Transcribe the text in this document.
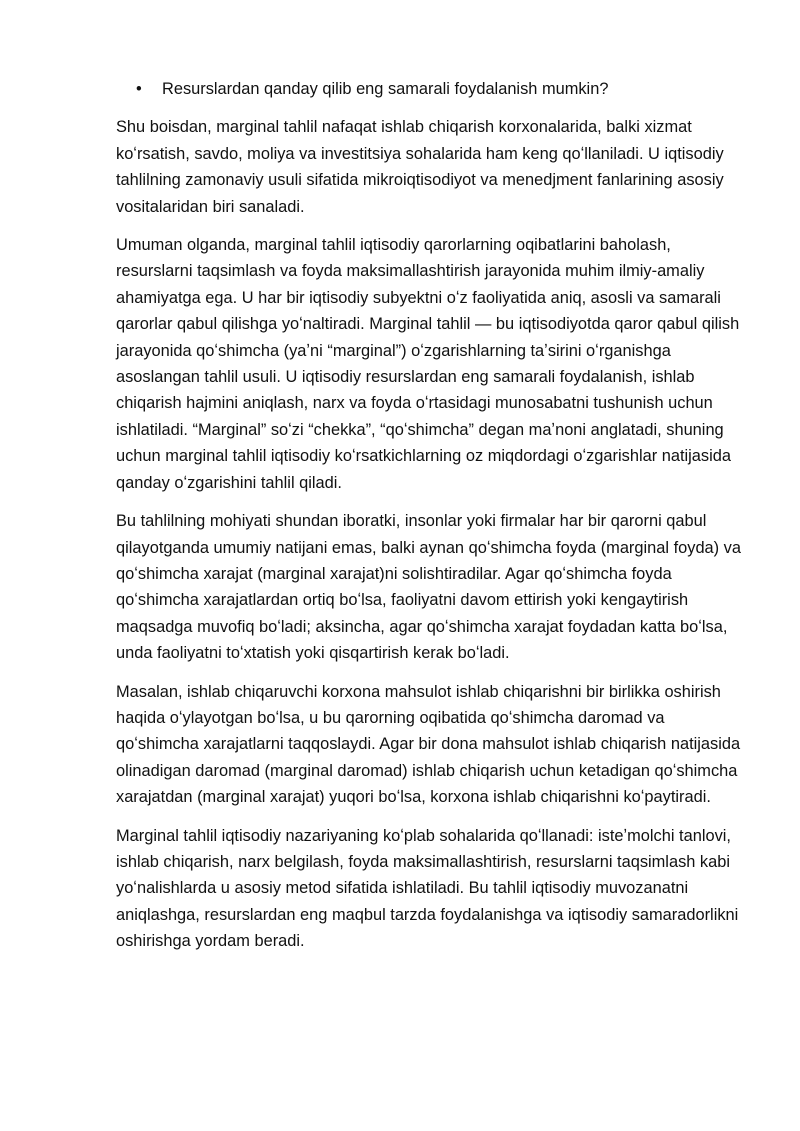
• Resurslardan qanday qilib eng samarali foydalanish mumkin?

Shu boisdan, marginal tahlil nafaqat ishlab chiqarish korxonalarida, balki xizmat koʻrsatish, savdo, moliya va investitsiya sohalarida ham keng qoʻllaniladi. U iqtisodiy tahlilning zamonaviy usuli sifatida mikroiqtisodiyot va menedjment fanlarining asosiy vositalaridan biri sanaladi.

Umuman olganda, marginal tahlil iqtisodiy qarorlarning oqibatlarini baholash, resurslarni taqsimlash va foyda maksimallashtirish jarayonida muhim ilmiy-amaliy ahamiyatga ega. U har bir iqtisodiy subyektni oʻz faoliyatida aniq, asosli va samarali qarorlar qabul qilishga yoʻnaltiradi. Marginal tahlil — bu iqtisodiyotda qaror qabul qilish jarayonida qoʻshimcha (yaʼni “marginal”) oʻzgarishlarning taʼsirini oʻrganishga asoslangan tahlil usuli. U iqtisodiy resurslardan eng samarali foydalanish, ishlab chiqarish hajmini aniqlash, narx va foyda oʻrtasidagi munosabatni tushunish uchun ishlatiladi. “Marginal” soʻzi “chekka”, “qoʻshimcha” degan maʼnoni anglatadi, shuning uchun marginal tahlil iqtisodiy koʻrsatkichlarning oz miqdordagi oʻzgarishlar natijasida qanday oʻzgarishini tahlil qiladi.

Bu tahlilning mohiyati shundan iboratki, insonlar yoki firmalar har bir qarorni qabul qilayotganda umumiy natijani emas, balki aynan qoʻshimcha foyda (marginal foyda) va qoʻshimcha xarajat (marginal xarajat)ni solishtiradilar. Agar qoʻshimcha foyda qoʻshimcha xarajatlardan ortiq boʻlsa, faoliyatni davom ettirish yoki kengaytirish maqsadga muvofiq boʻladi; aksincha, agar qoʻshimcha xarajat foydadan katta boʻlsa, unda faoliyatni toʻxtatish yoki qisqartirish kerak boʻladi.

Masalan, ishlab chiqaruvchi korxona mahsulot ishlab chiqarishni bir birlikka oshirish haqida oʻylayotgan boʻlsa, u bu qarorning oqibatida qoʻshimcha daromad va qoʻshimcha xarajatlarni taqqoslaydi. Agar bir dona mahsulot ishlab chiqarish natijasida olinadigan daromad (marginal daromad) ishlab chiqarish uchun ketadigan qoʻshimcha xarajatdan (marginal xarajat) yuqori boʻlsa, korxona ishlab chiqarishni koʻpaytiradi.

Marginal tahlil iqtisodiy nazariyaning koʻplab sohalarida qoʻllanadi: isteʼmolchi tanlovi, ishlab chiqarish, narx belgilash, foyda maksimallashtirish, resurslarni taqsimlash kabi yoʻnalishlarda u asosiy metod sifatida ishlatiladi. Bu tahlil iqtisodiy muvozanatni aniqlashga, resurslardan eng maqbul tarzda foydalanishga va iqtisodiy samaradorlikni oshirishga yordam beradi.
